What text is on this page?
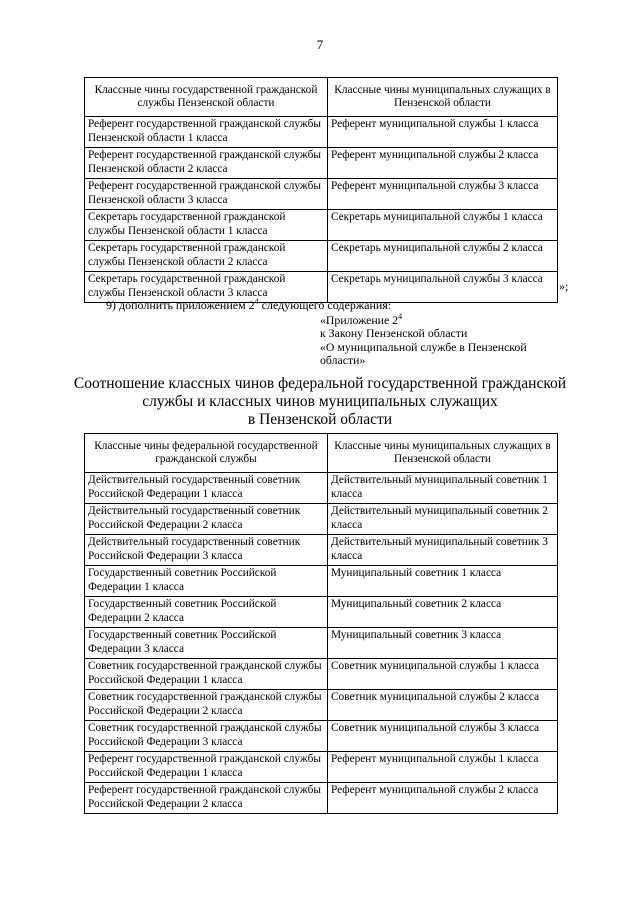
7
Классные чины государственной гражданской службы Пензенской области	Классные чины муниципальных служащих в Пензенской области
Референт государственной гражданской службы Пензенской области 1 класса	Референт муниципальной службы 1 класса
Референт государственной гражданской службы Пензенской области 2 класса	Референт муниципальной службы 2 класса
Референт государственной гражданской службы Пензенской области 3 класса	Референт муниципальной службы 3 класса
Секретарь государственной гражданской службы Пензенской области 1 класса	Секретарь муниципальной службы 1 класса
Секретарь государственной гражданской службы Пензенской области 2 класса	Секретарь муниципальной службы 2 класса
Секретарь государственной гражданской службы Пензенской области 3 класса	Секретарь муниципальной службы 3 класса »;
9) дополнить приложением $2^4$ следующего содержания:
«Приложение $2^4$
к Закону Пензенской области
«О муниципальной службе в Пензенской области»
Соотношение классных чинов федеральной государственной гражданской
службы и классных чинов муниципальных служащих
в Пензенской области
Классные чины федеральной государственной гражданской службы	Классные чины муниципальных служащих в Пензенской области
Действительный государственный советник Российской Федерации 1 класса	Действительный муниципальный советник 1 класса
Действительный государственный советник Российской Федерации 2 класса	Действительный муниципальный советник 2 класса
Действительный государственный советник Российской Федерации 3 класса	Действительный муниципальный советник 3 класса
Государственный советник Российской Федерации 1 класса	Муниципальный советник 1 класса
Государственный советник Российской Федерации 2 класса	Муниципальный советник 2 класса
Государственный советник Российской Федерации 3 класса	Муниципальный советник 3 класса
Советник государственной гражданской службы Российской Федерации 1 класса	Советник муниципальной службы 1 класса
Советник государственной гражданской службы Российской Федерации 2 класса	Советник муниципальной службы 2 класса
Советник государственной гражданской службы Российской Федерации 3 класса	Советник муниципальной службы 3 класса
Референт государственной гражданской службы Российской Федерации 1 класса	Референт муниципальной службы 1 класса
Референт государственной гражданской службы Российской Федерации 2 класса	Референт муниципальной службы 2 класса
